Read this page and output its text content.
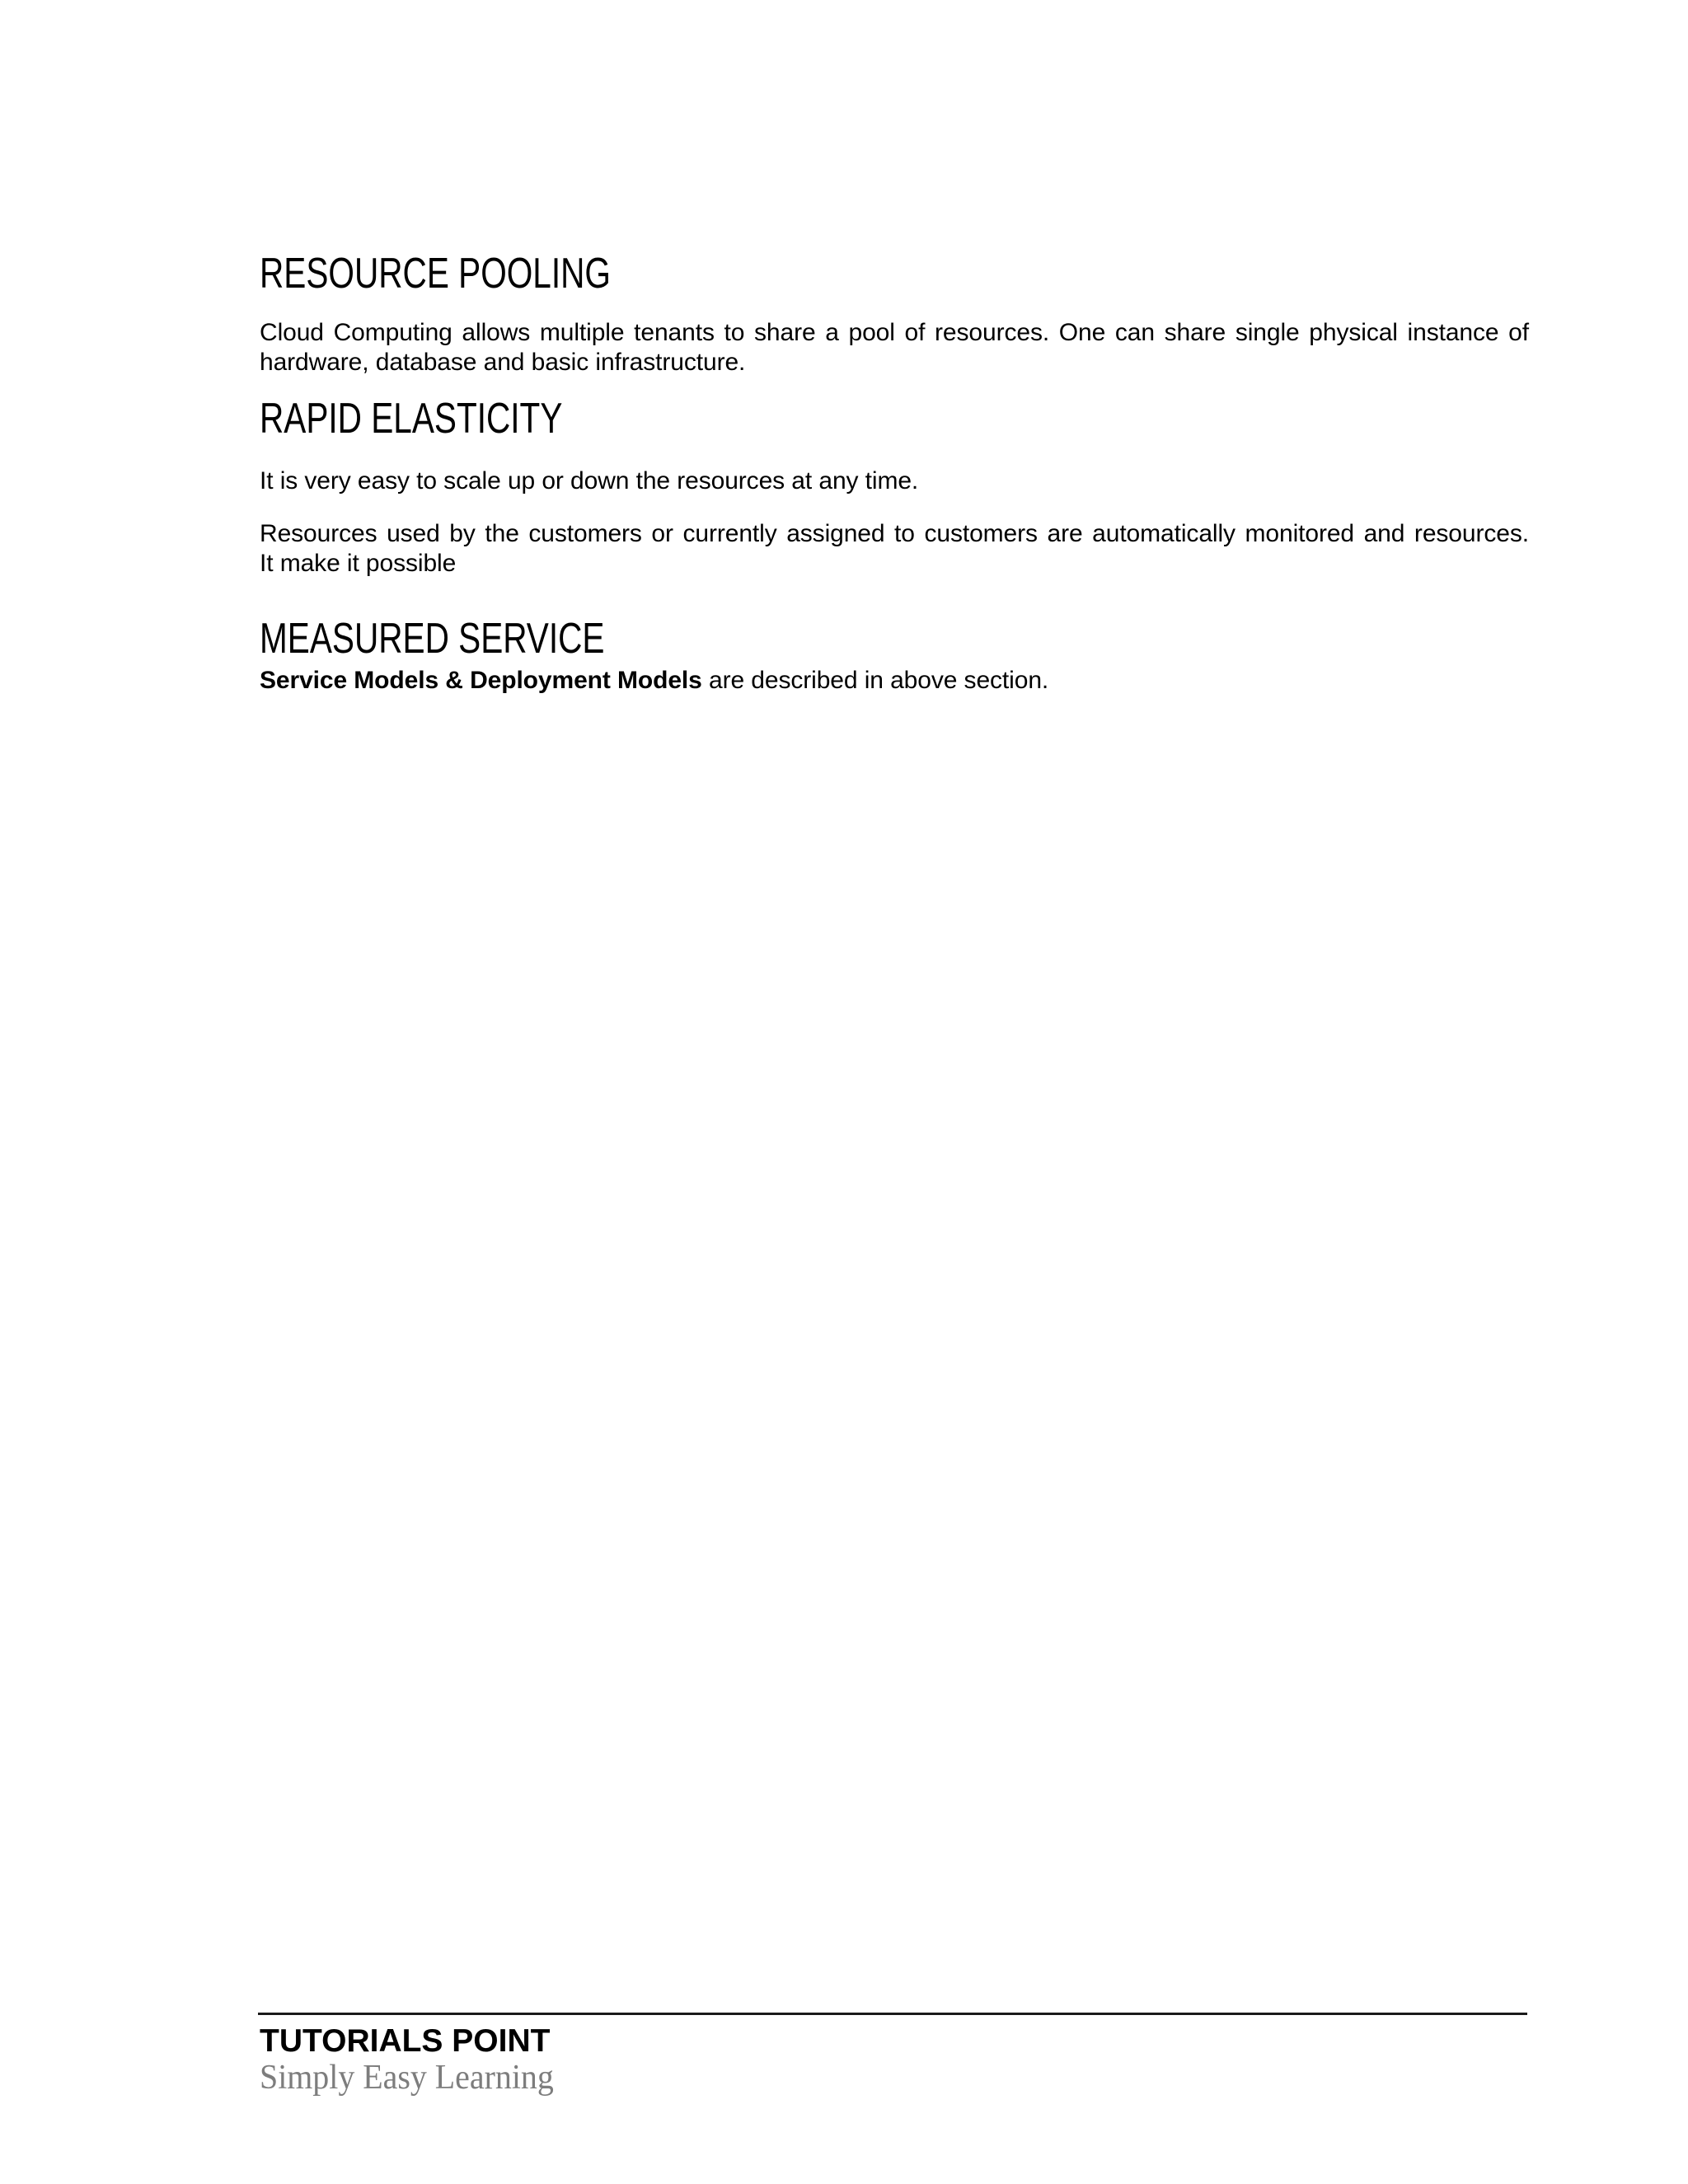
RESOURCE POOLING
Cloud Computing allows multiple tenants to share a pool of resources. One can share single physical instance of
hardware, database and basic infrastructure.
RAPID ELASTICITY
It is very easy to scale up or down the resources at any time.
Resources used by the customers or currently assigned to customers are automatically monitored and resources.
It make it possible
MEASURED SERVICE
Service Models & Deployment Models are described in above section.
TUTORIALS POINT
Simply Easy Learning
